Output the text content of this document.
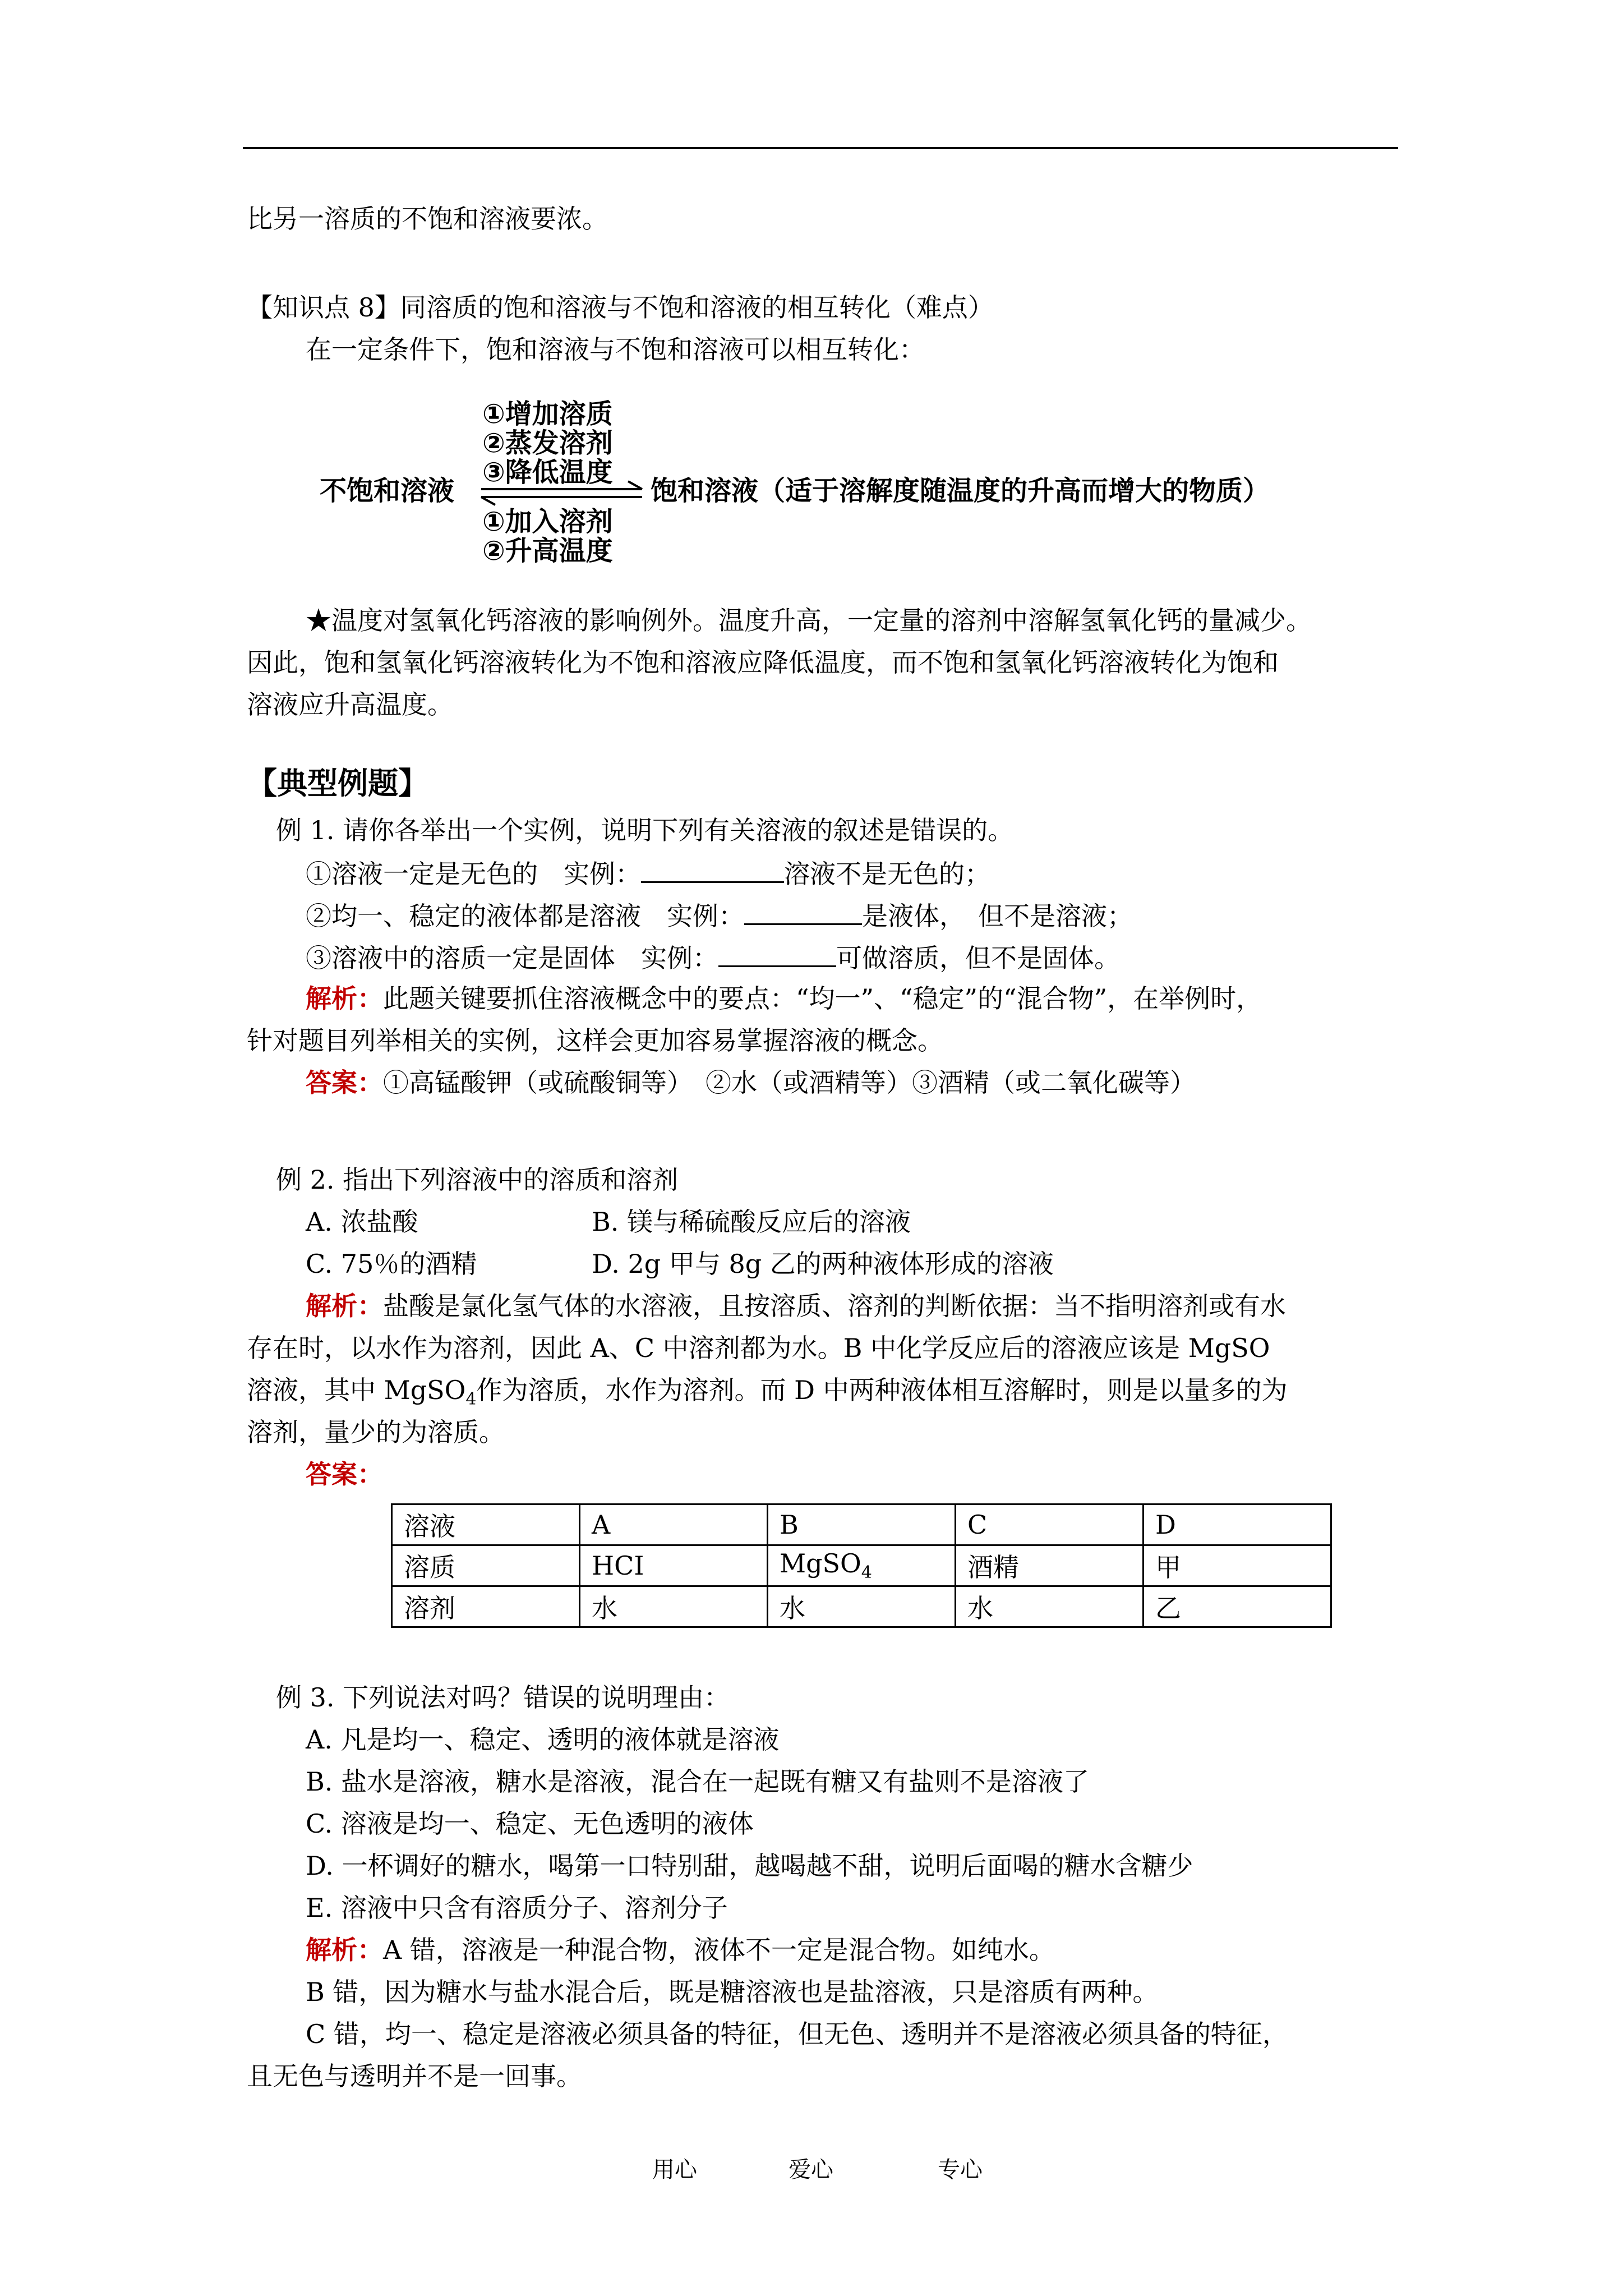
比另一溶质的不饱和溶液要浓。
【知识点 8】同溶质的饱和溶液与不饱和溶液的相互转化（难点）
在一定条件下，饱和溶液与不饱和溶液可以相互转化：
不饱和溶液
①增加溶质
②蒸发溶剂
③降低温度
饱和溶液（适于溶解度随温度的升高而增大的物质）
①加入溶剂
②升高温度
★温度对氢氧化钙溶液的影响例外。温度升高，一定量的溶剂中溶解氢氧化钙的量减少。
因此，饱和氢氧化钙溶液转化为不饱和溶液应降低温度，而不饱和氢氧化钙溶液转化为饱和
溶液应升高温度。
【典型例题】
例 1. 请你各举出一个实例，说明下列有关溶液的叙述是错误的。
①溶液一定是无色的　实例：	溶液不是无色的；
②均一、稳定的液体都是溶液　实例：	是液体，　但不是溶液；
③溶液中的溶质一定是固体　实例：	可做溶质，但不是固体。
解析：此题关键要抓住溶液概念中的要点：“均一”、“稳定”的“混合物”，在举例时，
针对题目列举相关的实例，这样会更加容易掌握溶液的概念。
答案：①高锰酸钾（或硫酸铜等）　②水（或酒精等）③酒精（或二氧化碳等）
例 2. 指出下列溶液中的溶质和溶剂
A. 浓盐酸	B. 镁与稀硫酸反应后的溶液
C. 75％的酒精	D. 2g 甲与 8g 乙的两种液体形成的溶液
解析：盐酸是氯化氢气体的水溶液，且按溶质、溶剂的判断依据：当不指明溶剂或有水
存在时，以水作为溶剂，因此 A、C 中溶剂都为水。B 中化学反应后的溶液应该是 MgSO
溶液，其中 MgSO$_4$作为溶质，水作为溶剂。而 D 中两种液体相互溶解时，则是以量多的为
溶剂，量少的为溶质。
答案：
溶液	A	B	C	D
溶质	HCI	MgSO$_4$	酒精	甲
溶剂	水	水	水	乙
例 3. 下列说法对吗？错误的说明理由：
A. 凡是均一、稳定、透明的液体就是溶液
B. 盐水是溶液，糖水是溶液，混合在一起既有糖又有盐则不是溶液了
C. 溶液是均一、稳定、无色透明的液体
D. 一杯调好的糖水，喝第一口特别甜，越喝越不甜，说明后面喝的糖水含糖少
E. 溶液中只含有溶质分子、溶剂分子
解析：A 错，溶液是一种混合物，液体不一定是混合物。如纯水。
B 错，因为糖水与盐水混合后，既是糖溶液也是盐溶液，只是溶质有两种。
C 错，均一、稳定是溶液必须具备的特征，但无色、透明并不是溶液必须具备的特征，
且无色与透明并不是一回事。
用心	爱心	专心
